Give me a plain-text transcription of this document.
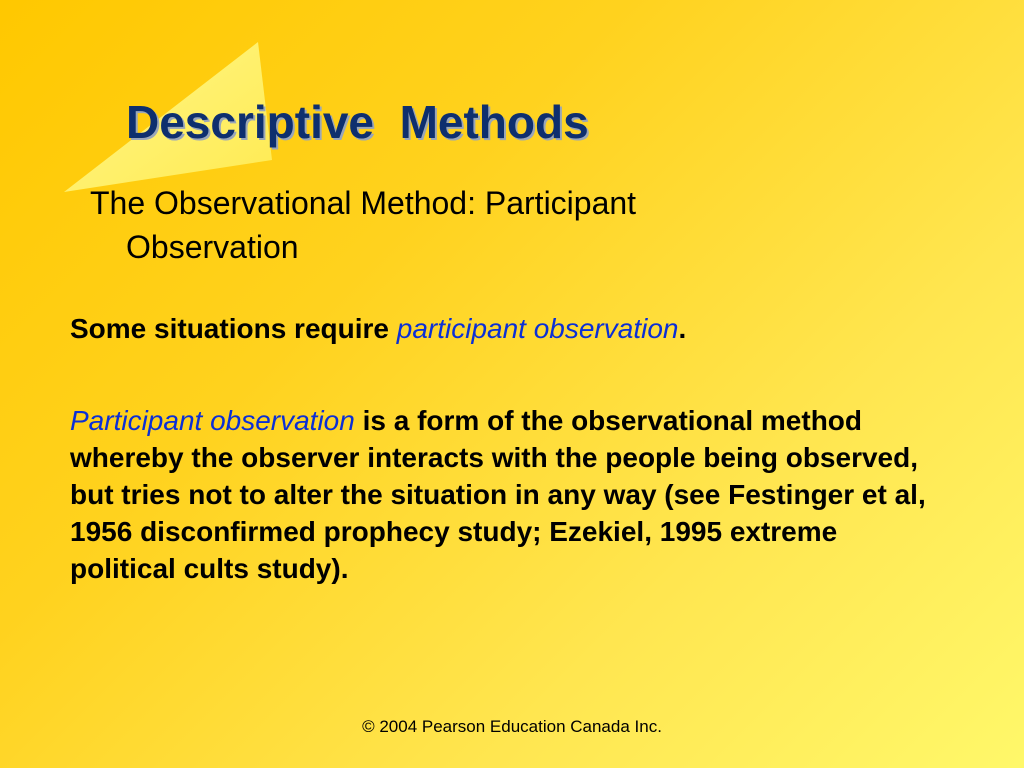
Descriptive  Methods

The Observational Method: Participant
Observation

Some situations require participant observation.

Participant observation is a form of the observational method whereby the observer interacts with the people being observed, but tries not to alter the situation in any way (see Festinger et al, 1956 disconfirmed prophecy study; Ezekiel, 1995 extreme political cults study).

© 2004 Pearson Education Canada Inc.
